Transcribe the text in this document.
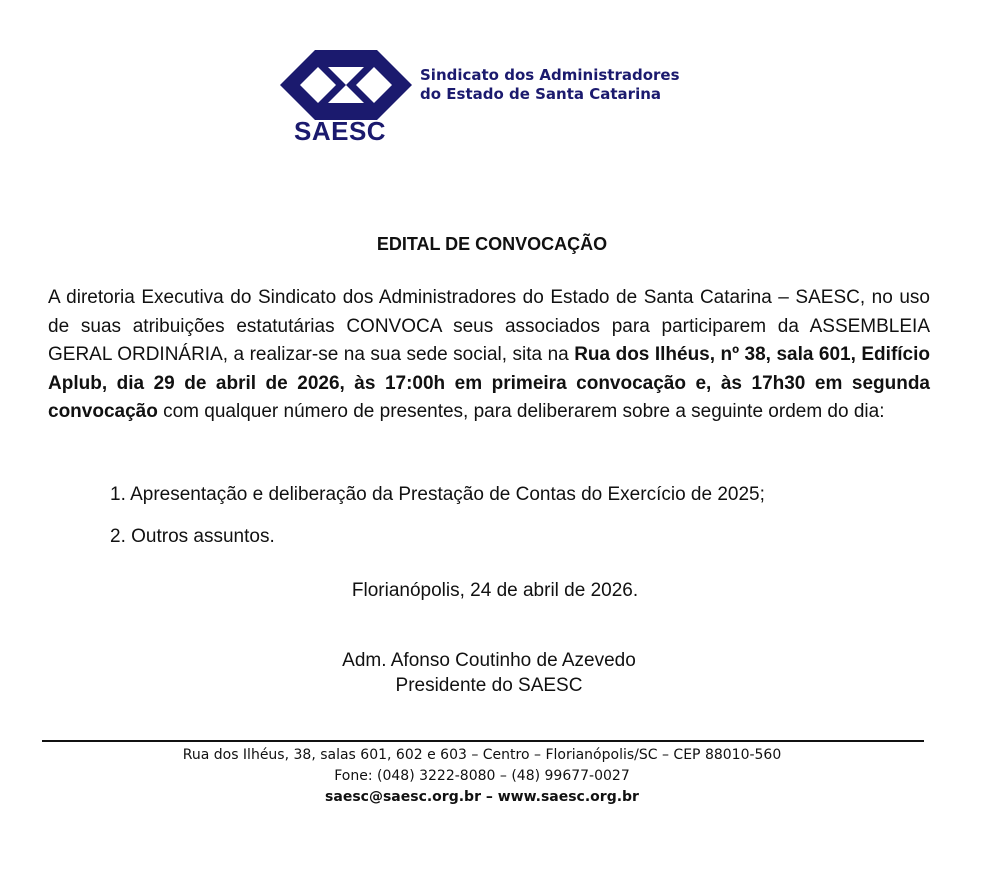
SAESC
Sindicato dos Administradores
do Estado de Santa Catarina
EDITAL DE CONVOCAÇÃO
A diretoria Executiva do Sindicato dos Administradores do Estado de Santa Catarina – SAESC, no uso de suas atribuições estatutárias CONVOCA seus associados para participarem da ASSEMBLEIA GERAL ORDINÁRIA, a realizar-se na sua sede social, sita na Rua dos Ilhéus, nº 38, sala 601, Edifício Aplub, dia 29 de abril de 2026, às 17:00h em primeira convocação e, às 17h30 em segunda convocação com qualquer número de presentes, para deliberarem sobre a seguinte ordem do dia:
1. Apresentação e deliberação da Prestação de Contas do Exercício de 2025;
2. Outros assuntos.
Florianópolis, 24 de abril de 2026.
Adm. Afonso Coutinho de Azevedo
Presidente do SAESC
Rua dos Ilhéus, 38, salas 601, 602 e 603 – Centro – Florianópolis/SC – CEP 88010-560
Fone: (048) 3222-8080 – (48) 99677-0027
saesc@saesc.org.br – www.saesc.org.br
